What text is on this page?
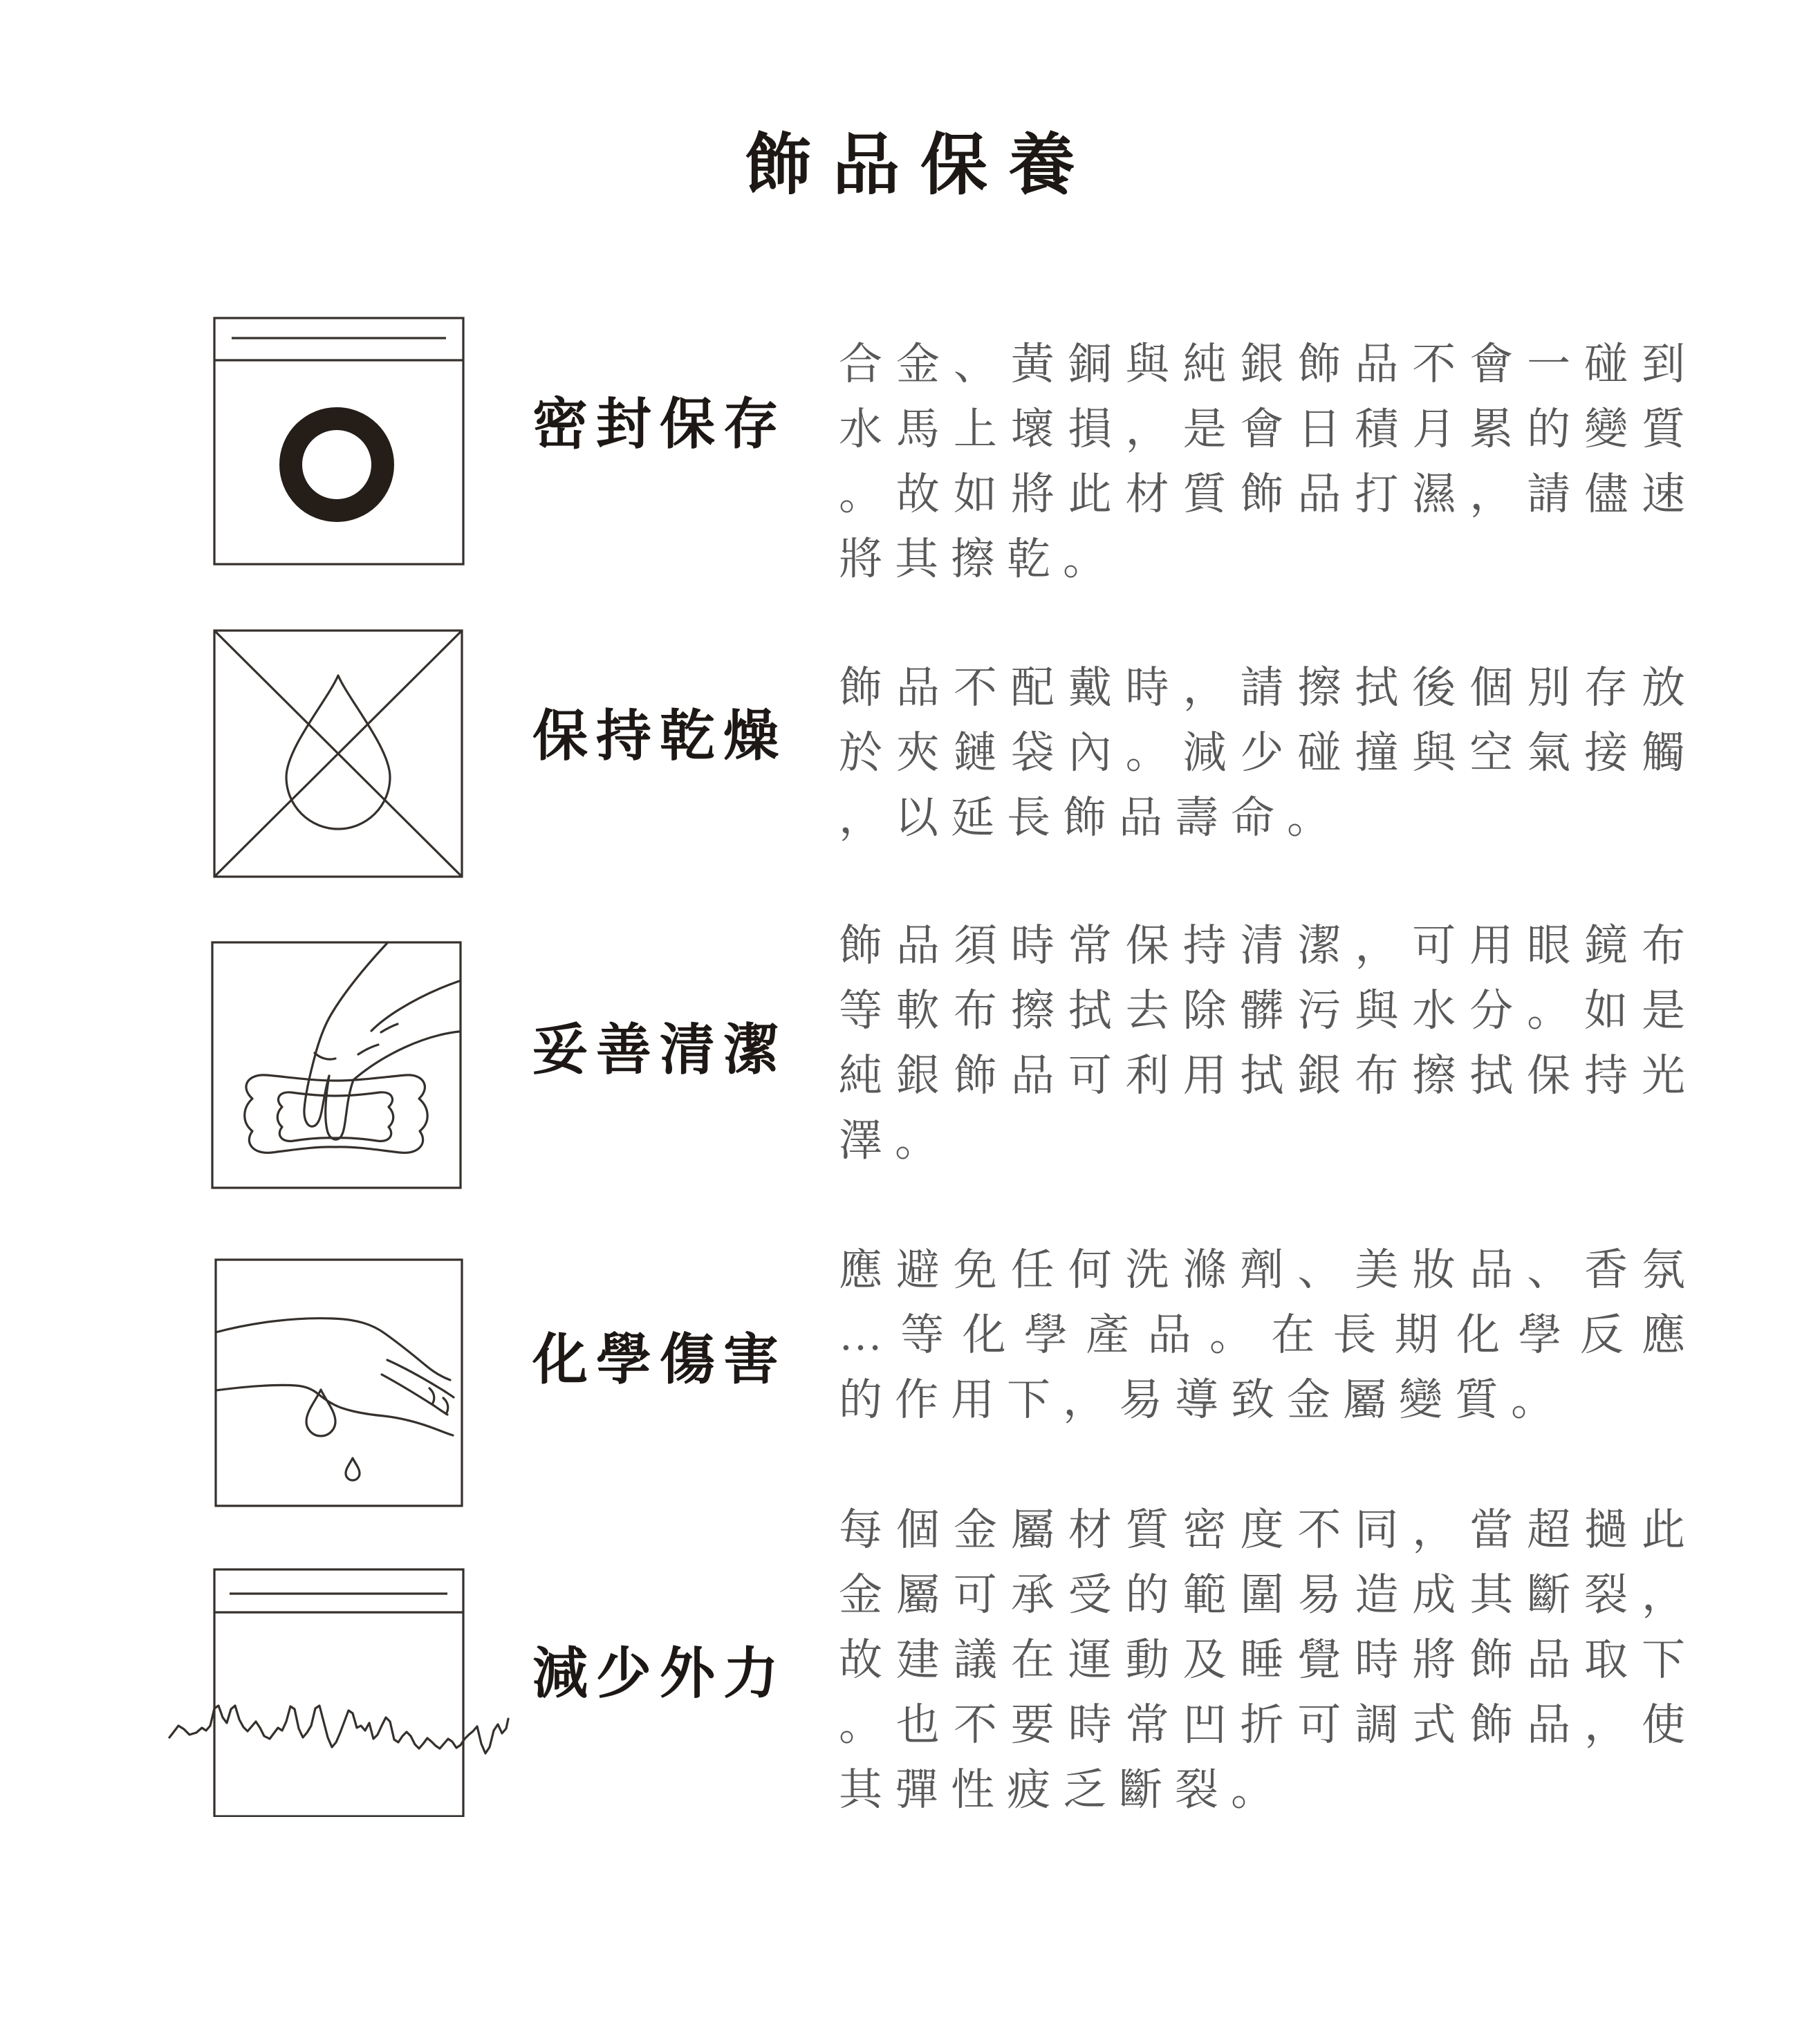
飾品保養
密封保存
合金、黃銅與純銀飾品不會一碰到
水馬上壞損，是會日積月累的變質
。故如將此材質飾品打濕，請儘速
將其擦乾。
保持乾燥
飾品不配戴時，請擦拭後個別存放
於夾鏈袋內。減少碰撞與空氣接觸
，以延長飾品壽命。
妥善清潔
飾品須時常保持清潔，可用眼鏡布
等軟布擦拭去除髒污與水分。如是
純銀飾品可利用拭銀布擦拭保持光
澤。
化學傷害
應避免任何洗滌劑、美妝品、香氛
…等化學產品。在長期化學反應
的作用下，易導致金屬變質。
減少外力
每個金屬材質密度不同，當超撾此
金屬可承受的範圍易造成其斷裂，
故建議在運動及睡覺時將飾品取下
。也不要時常凹折可調式飾品，使
其彈性疲乏斷裂。
